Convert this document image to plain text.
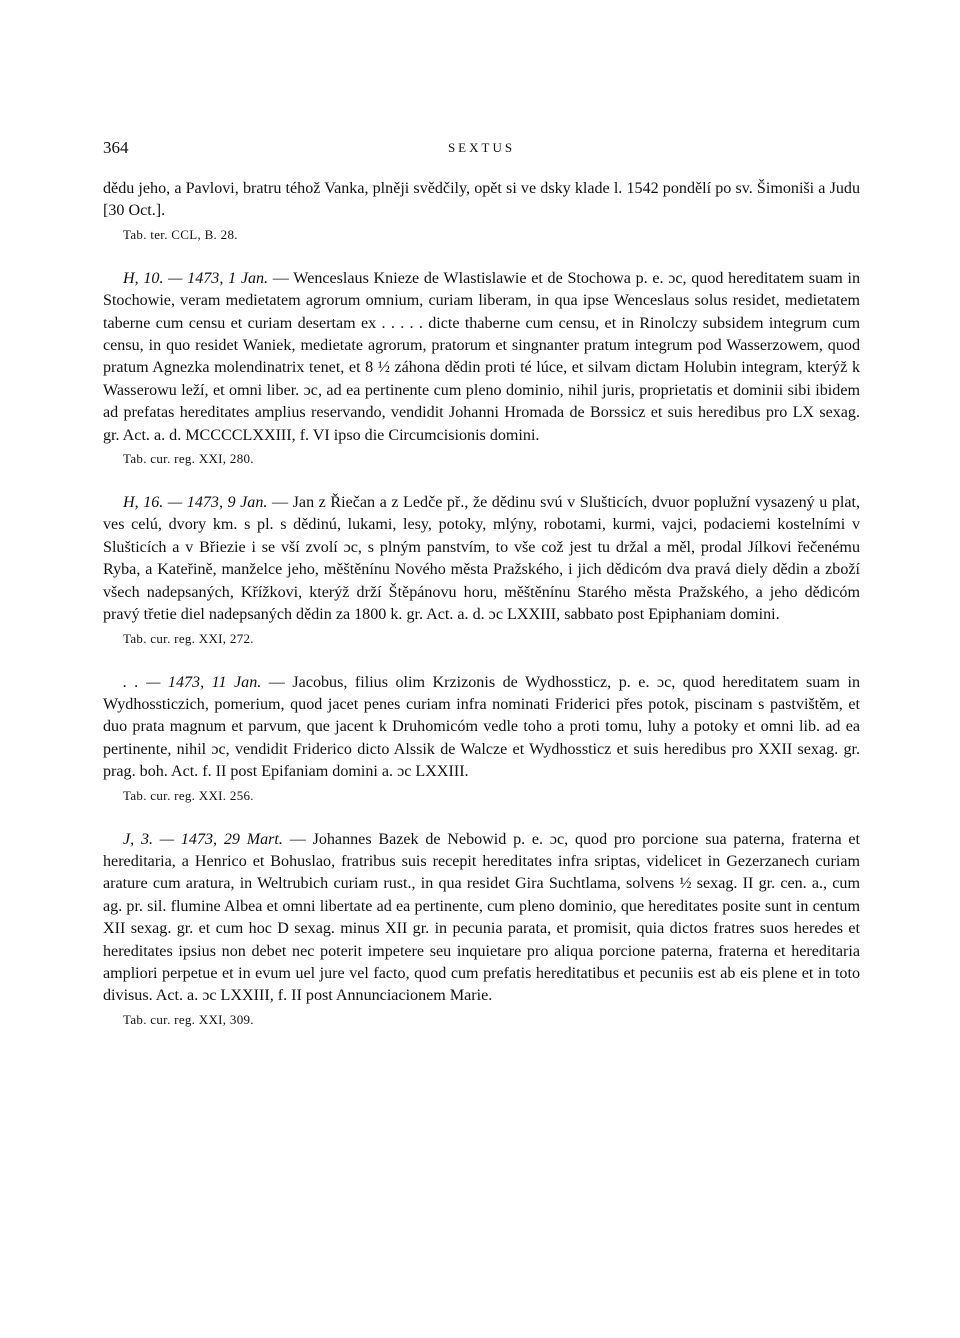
364	SEXTUS

dědu jeho, a Pavlovi, bratru téhož Vanka, plněji svědčily, opět si ve dsky klade l. 1542 pondělí po sv. Šimoniši a Judu [30 Oct.].

Tab. ter. CCL, B. 28.

H, 10. — 1473, 1 Jan. — Wenceslaus Knieze de Wlastislawie et de Stochowa p. e. ɔc, quod hereditatem suam in Stochowie, veram medietatem agrorum omnium, curiam liberam, in qua ipse Wenceslaus solus residet, medietatem taberne cum censu et curiam desertam ex . . . . . dicte thaberne cum censu, et in Rinolczy subsidem integrum cum censu, in quo residet Waniek, medietate agrorum, pratorum et singnanter pratum integrum pod Wasserzowem, quod pratum Agnezka molendinatrix tenet, et 8 ½ záhona dědin proti té lúce, et silvam dictam Holubin integram, kterýž k Wasserowu leží, et omni liber. ɔc, ad ea pertinente cum pleno dominio, nihil juris, proprietatis et dominii sibi ibidem ad prefatas hereditates amplius reservando, vendidit Johanni Hromada de Borssicz et suis heredibus pro LX sexag. gr. Act. a. d. MCCCCLXXIII, f. VI ipso die Circumcisionis domini.

Tab. cur. reg. XXI, 280.

H, 16. — 1473, 9 Jan. — Jan z Řiečan a z Ledče př., že dědinu svú v Slušticích, dvuor poplužní vysazený u plat, ves celú, dvory km. s pl. s dědinú, lukami, lesy, potoky, mlýny, robotami, kurmi, vajci, podaciemi kostelními v Slušticích a v Břiezie i se vší zvolí ɔc, s plným panstvím, to vše což jest tu držal a měl, prodal Jílkovi řečenému Ryba, a Kateřině, manželce jeho, měštěnínu Nového města Pražského, i jich dědicóm dva pravá diely dědin a zboží všech nadepsaných, Křížkovi, kterýž drží Štěpánovu horu, měštěnínu Starého města Pražského, a jeho dědicóm pravý třetie diel nadepsaných dědin za 1800 k. gr. Act. a. d. ɔc LXXIII, sabbato post Epiphaniam domini.

Tab. cur. reg. XXI, 272.

. . — 1473, 11 Jan. — Jacobus, filius olim Krzizonis de Wydhossticz, p. e. ɔc, quod hereditatem suam in Wydhossticzich, pomerium, quod jacet penes curiam infra nominati Friderici přes potok, piscinam s pastvištěm, et duo prata magnum et parvum, que jacent k Druhomicóm vedle toho a proti tomu, luhy a potoky et omni lib. ad ea pertinente, nihil ɔc, vendidit Friderico dicto Alssik de Walcze et Wydhossticz et suis heredibus pro XXII sexag. gr. prag. boh. Act. f. II post Epifaniam domini a. ɔc LXXIII.

Tab. cur. reg. XXI. 256.

J, 3. — 1473, 29 Mart. — Johannes Bazek de Nebowid p. e. ɔc, quod pro porcione sua paterna, fraterna et hereditaria, a Henrico et Bohuslao, fratribus suis recepit hereditates infra sriptas, videlicet in Gezerzanech curiam arature cum aratura, in Weltrubich curiam rust., in qua residet Gira Suchtlama, solvens ½ sexag. II gr. cen. a., cum ag. pr. sil. flumine Albea et omni libertate ad ea pertinente, cum pleno dominio, que hereditates posite sunt in centum XII sexag. gr. et cum hoc D sexag. minus XII gr. in pecunia parata, et promisit, quia dictos fratres suos heredes et hereditates ipsius non debet nec poterit impetere seu inquietare pro aliqua porcione paterna, fraterna et hereditaria ampliori perpetue et in evum uel jure vel facto, quod cum prefatis hereditatibus et pecuniis est ab eis plene et in toto divisus. Act. a. ɔc LXXIII, f. II post Annunciacionem Marie.

Tab. cur. reg. XXI, 309.
